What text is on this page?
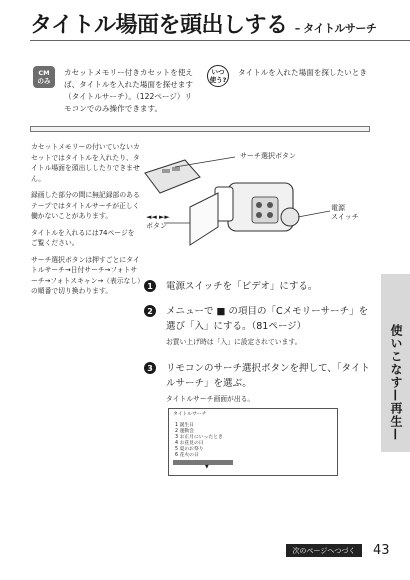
タイトル場面を頭出しする – タイトルサーチ
CM
のみ
カセットメモリー付きカセットを使えば、タイトルを入れた場面を探せます（タイトルサーチ）。（122ページ）リモコンでのみ操作できます。
いつ
使う?
タイトルを入れた場面を探したいとき

カセットメモリーの付いていないカセットではタイトルを入れたり、タイトル場面を頭出ししたりできません。

録画した部分の間に無記録部のあるテープではタイトルサーチが正しく働かないことがあります。

タイトルを入れるには74ページをご覧ください。

サーチ選択ボタンは押すごとにタイトルサーチ→日付サーチ→フォトサーチ→フォトスキャン→（表示なし）の順番で切り換わります。

サーチ選択ボタン
◄◄ ►►
ボタン
電源
スイッチ
1	電源スイッチを「ビデオ」にする。
2	メニューで ■ の項目の「Cメモリーサーチ」を選び「入」にする。（81ページ）
お買い上げ時は「入」に設定されています。
3	リモコンのサーチ選択ボタンを押して、「タイトルサーチ」を選ぶ。
タイトルサーチ画面が出る。
タイトルサーチ
1 誕生日
2 運動会
3 お正月にいったとき
4 お花見の日
5 夏のお祭り
6 花火の日
▼
使いこなす—再生—
次のページへつづく	43
